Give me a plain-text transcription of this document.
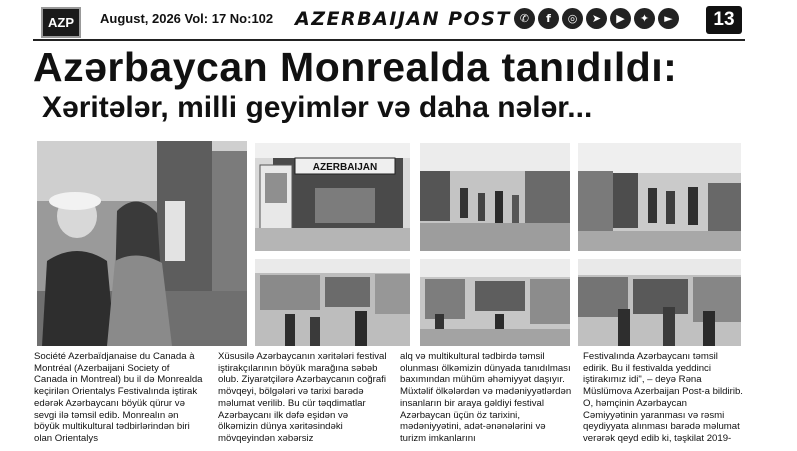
AZP	August, 2026 Vol: 17 No:102 AZERBAIJAN POST ✆	f	◎	➤	▶	✦	►	13
Azərbaycan Monrealda tanıdıldı:
Xəritələr, milli geyimlər və daha nələr...
AZERBAIJAN

Société Azerbaïdjanaise du Canada à Montréal (Azerbaijani Society of Canada in Montreal) bu il də Monrealda keçirilən Orientalys Festivalında iştirak edərək Azərbaycanı böyük qürur və sevgi ilə təmsil edib. Monrealın ən böyük multikultural tədbirlərindən biri olan Orientalys

Xüsusilə Azərbaycanın xəritələri festival iştirakçılarının böyük marağına səbəb olub. Ziyarətçilərə Azərbaycanın coğrafi mövqeyi, bölgələri və tarixi barədə məlumat verilib. Bu cür təqdimatlar Azərbaycanı ilk dəfə eşidən və ölkəmizin dünya xəritəsindəki mövqeyindən xəbərsiz

alq və multikultural tədbirdə təmsil olunması ölkəmizin dünyada tanıdılması baxımından mühüm əhəmiyyət daşıyır. Müxtəlif ölkələrdən və mədəniyyətlərdən insanların bir araya gəldiyi festival Azərbaycan üçün öz tarixini, mədəniyyətini, adət-ənənələrini və turizm imkanlarını

Festivalında Azərbaycanı təmsil edirik. Bu il festivalda yeddinci iştirakımız idi", – deyə Rəna Müslümova Azerbaijan Post-a bildirib. O, həmçinin Azərbaycan Cəmiyyətinin yaranması və rəsmi qeydiyyata alınması barədə məlumat verərək qeyd edib ki, təşkilat 2019-
